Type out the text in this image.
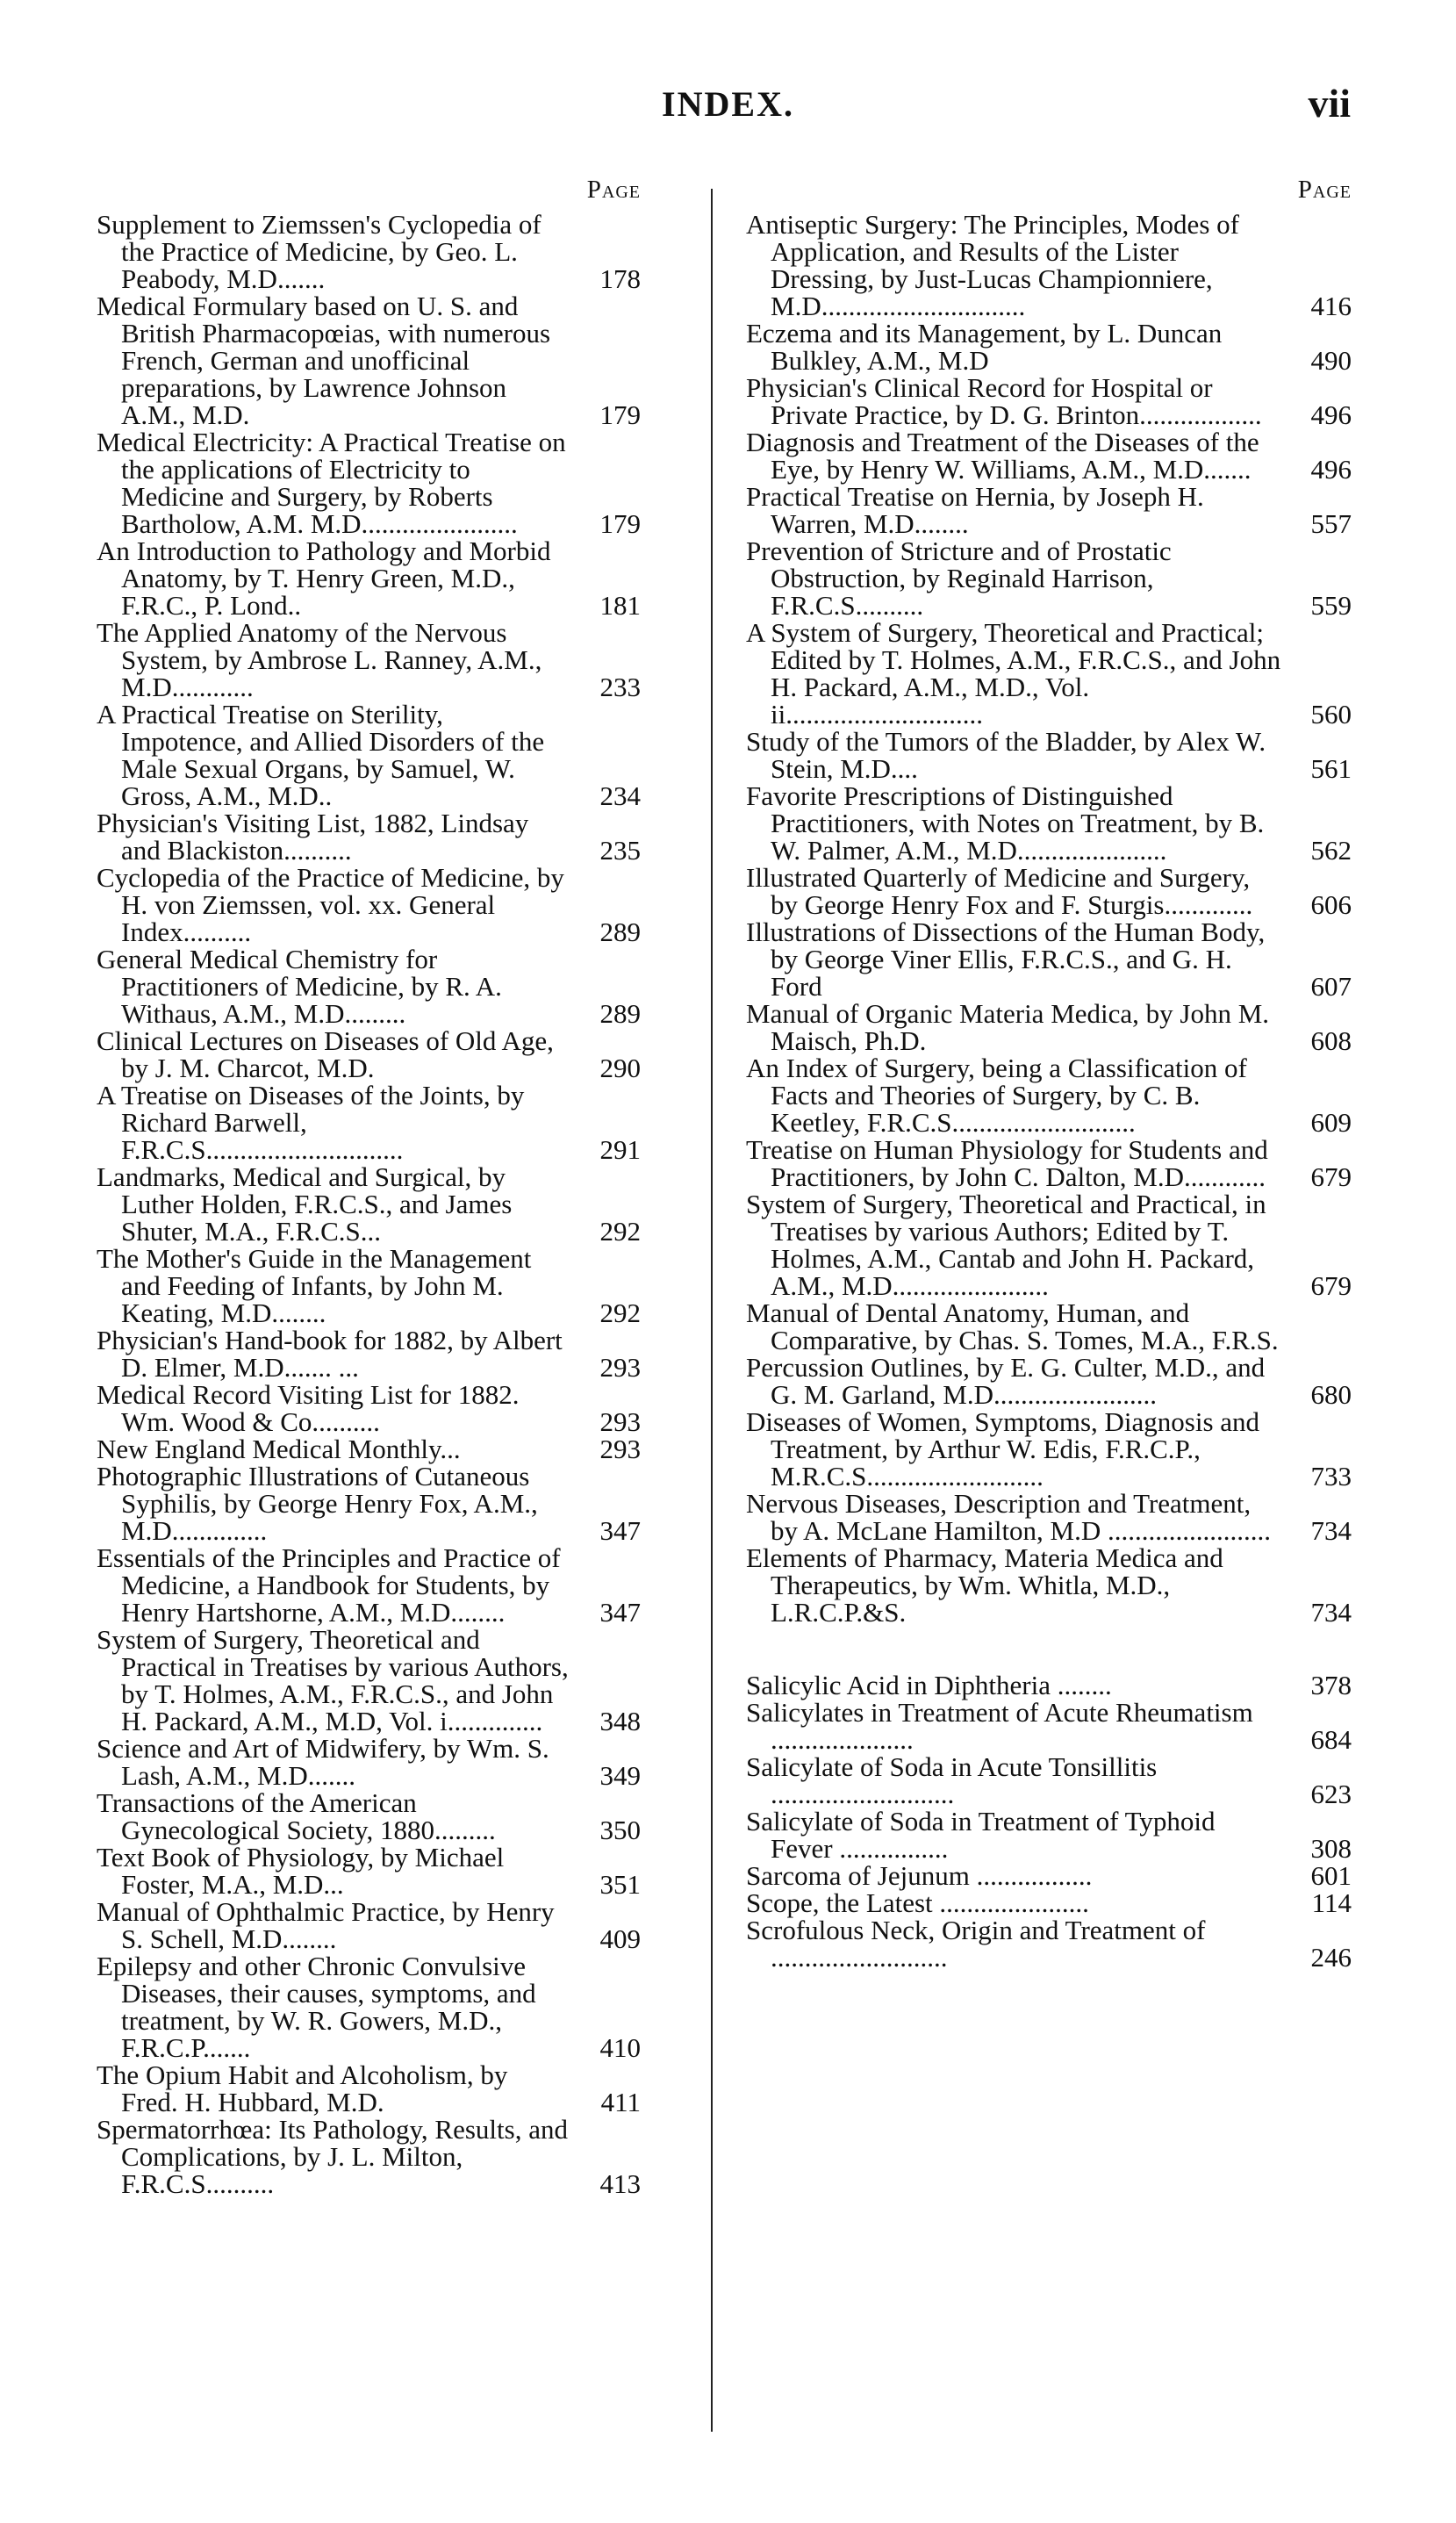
INDEX.	vii
Page
Supplement to Ziemssen's Cyclopedia of the Practice of Medicine, by Geo. L. Peabody, M.D.......	178
Medical Formulary based on U. S. and British Pharmacopœias, with numerous French, German and unofficinal preparations, by Lawrence Johnson A.M., M.D.	179
Medical Electricity: A Practical Treatise on the applications of Electricity to Medicine and Surgery, by Roberts Bartholow, A.M. M.D.......................	179
An Introduction to Pathology and Morbid Anatomy, by T. Henry Green, M.D., F.R.C., P. Lond..	181
The Applied Anatomy of the Nervous System, by Ambrose L. Ranney, A.M., M.D............	233
A Practical Treatise on Sterility, Impotence, and Allied Disorders of the Male Sexual Organs, by Samuel, W. Gross, A.M., M.D..	234
Physician's Visiting List, 1882, Lindsay and Blackiston..........	235
Cyclopedia of the Practice of Medicine, by H. von Ziemssen, vol. xx. General Index..........	289
General Medical Chemistry for Practitioners of Medicine, by R. A. Withaus, A.M., M.D.........	289
Clinical Lectures on Diseases of Old Age, by J. M. Charcot, M.D.	290
A Treatise on Diseases of the Joints, by Richard Barwell, F.R.C.S.............................	291
Landmarks, Medical and Surgical, by Luther Holden, F.R.C.S., and James Shuter, M.A., F.R.C.S...	292
The Mother's Guide in the Management and Feeding of Infants, by John M. Keating, M.D........	292
Physician's Hand-book for 1882, by Albert D. Elmer, M.D....... ...	293
Medical Record Visiting List for 1882. Wm. Wood & Co..........	293
New England Medical Monthly...	293
Photographic Illustrations of Cutaneous Syphilis, by George Henry Fox, A.M., M.D..............	347
Essentials of the Principles and Practice of Medicine, a Handbook for Students, by Henry Hartshorne, A.M., M.D........	347
System of Surgery, Theoretical and Practical in Treatises by various Authors, by T. Holmes, A.M., F.R.C.S., and John H. Packard, A.M., M.D, Vol. i.............. 348
Science and Art of Midwifery, by Wm. S. Lash, A.M., M.D.......	349
Transactions of the American Gynecological Society, 1880.........	350
Text Book of Physiology, by Michael Foster, M.A., M.D...	351
Manual of Ophthalmic Practice, by Henry S. Schell, M.D........	409
Epilepsy and other Chronic Convulsive Diseases, their causes, symptoms, and treatment, by W. R. Gowers, M.D., F.R.C.P.......	410
The Opium Habit and Alcoholism, by Fred. H. Hubbard, M.D.	411
Spermatorrhœa: Its Pathology, Results, and Complications, by J. L. Milton, F.R.C.S..........	413
Page
Antiseptic Surgery: The Principles, Modes of Application, and Results of the Lister Dressing, by Just-Lucas Championniere, M.D..............................	416
Eczema and its Management, by L. Duncan Bulkley, A.M., M.D	490
Physician's Clinical Record for Hospital or Private Practice, by D. G. Brinton.................. 496
Diagnosis and Treatment of the Diseases of the Eye, by Henry W. Williams, A.M., M.D....... 496
Practical Treatise on Hernia, by Joseph H. Warren, M.D........	557
Prevention of Stricture and of Prostatic Obstruction, by Reginald Harrison, F.R.C.S..........	559
A System of Surgery, Theoretical and Practical; Edited by T. Holmes, A.M., F.R.C.S., and John H. Packard, A.M., M.D., Vol. ii.............................	560
Study of the Tumors of the Bladder, by Alex W. Stein, M.D....	561
Favorite Prescriptions of Distinguished Practitioners, with Notes on Treatment, by B. W. Palmer, A.M., M.D......................	562
Illustrated Quarterly of Medicine and Surgery, by George Henry Fox and F. Sturgis............. 606
Illustrations of Dissections of the Human Body, by George Viner Ellis, F.R.C.S., and G. H. Ford	607
Manual of Organic Materia Medica, by John M. Maisch, Ph.D.	608
An Index of Surgery, being a Classification of Facts and Theories of Surgery, by C. B. Keetley, F.R.C.S...........................	609
Treatise on Human Physiology for Students and Practitioners, by John C. Dalton, M.D............ 679
System of Surgery, Theoretical and Practical, in Treatises by various Authors; Edited by T. Holmes, A.M., Cantab and John H. Packard, A.M., M.D.......................	679
Manual of Dental Anatomy, Human, and Comparative, by Chas. S. Tomes, M.A., F.R.S.
Percussion Outlines, by E. G. Culter, M.D., and G. M. Garland, M.D........................	680
Diseases of Women, Symptoms, Diagnosis and Treatment, by Arthur W. Edis, F.R.C.P., M.R.C.S..........................	733
Nervous Diseases, Description and Treatment, by A. McLane Hamilton, M.D ........................ 734
Elements of Pharmacy, Materia Medica and Therapeutics, by Wm. Whitla, M.D., L.R.C.P.&S.	734
Salicylic Acid in Diphtheria ........	378
Salicylates in Treatment of Acute Rheumatism .....................	684
Salicylate of Soda in Acute Tonsillitis ...........................	623
Salicylate of Soda in Treatment of Typhoid Fever ................	308
Sarcoma of Jejunum .................	601
Scope, the Latest ......................	114
Scrofulous Neck, Origin and Treatment of ..........................	246
